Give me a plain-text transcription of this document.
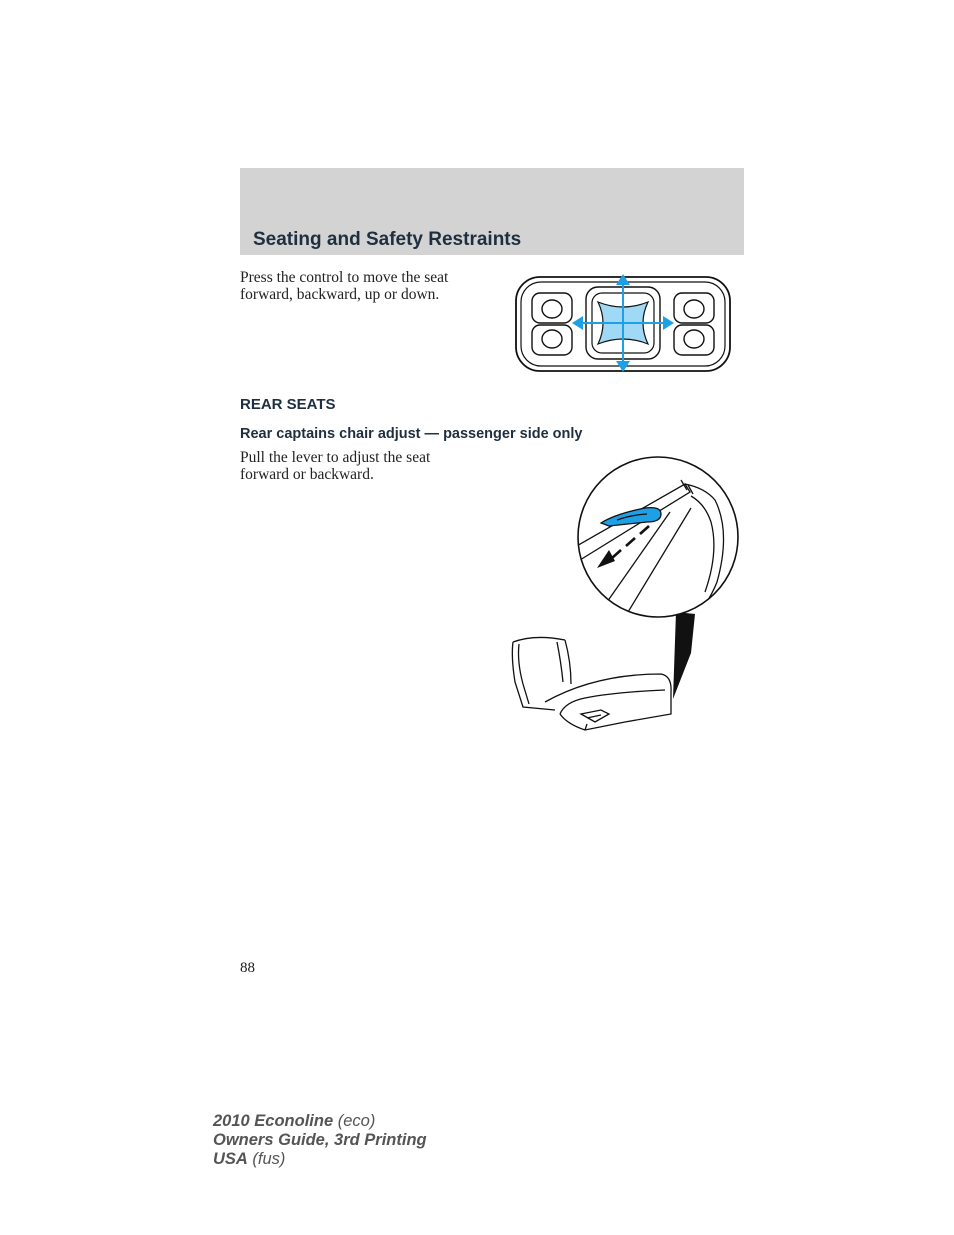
Seating and Safety Restraints
Press the control to move the seat
forward, backward, up or down.
REAR SEATS
Rear captains chair adjust — passenger side only
Pull the lever to adjust the seat
forward or backward.
88
2010 Econoline (eco)
Owners Guide, 3rd Printing
USA (fus)
